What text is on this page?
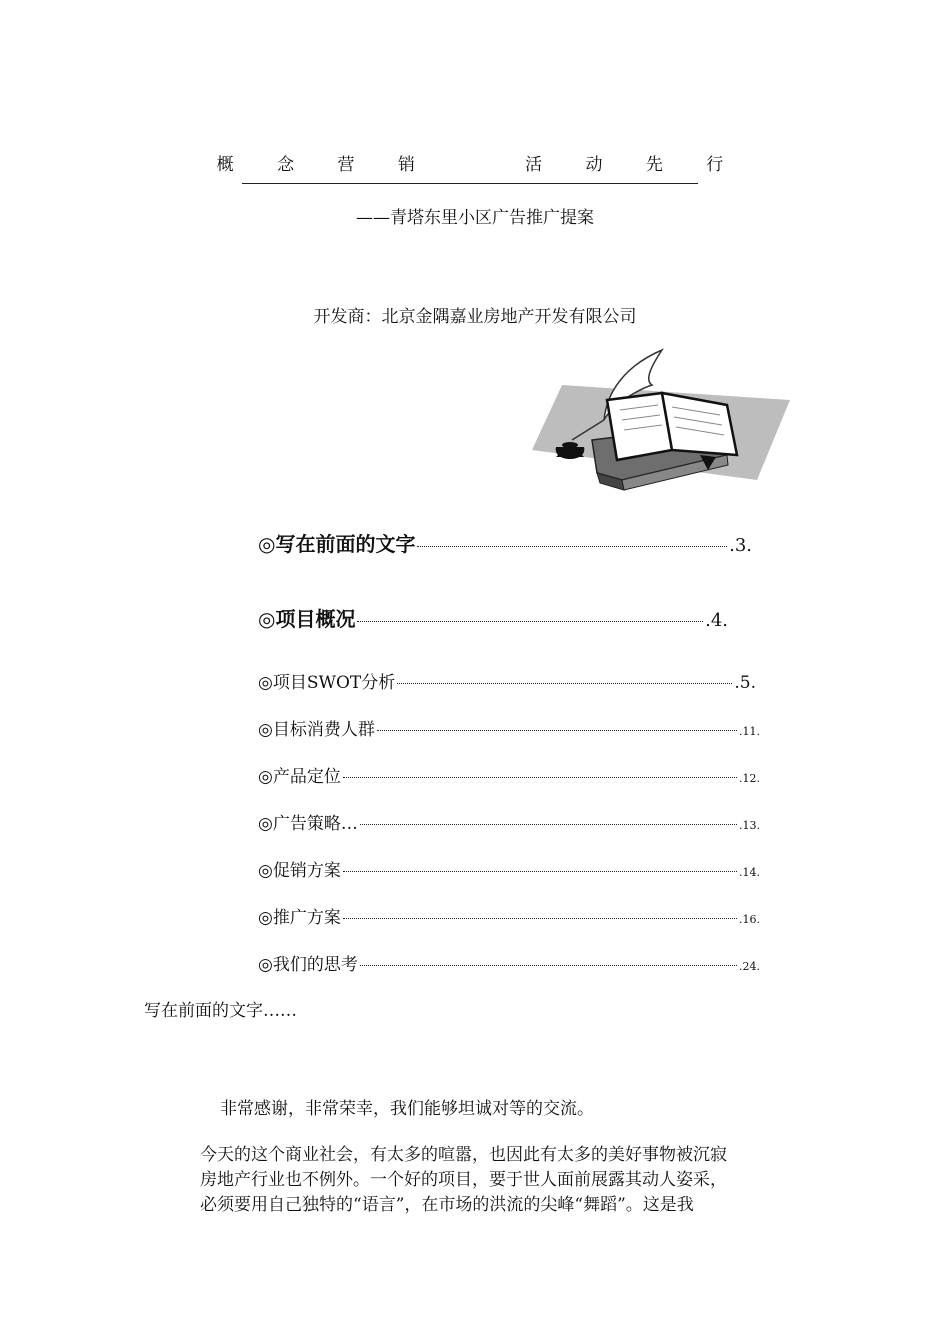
概 念 营 销   活 动 先 行
——青塔东里小区广告推广提案
开发商：北京金隅嘉业房地产开发有限公司
◎写在前面的文字	.3.
◎项目概况	.4.
◎项目SWOT分析	.5.
◎目标消费人群	.11.
◎产品定位	.12.
◎广告策略…	.13.
◎促销方案	.14.
◎推广方案	.16.
◎我们的思考	.24.
写在前面的文字……
非常感谢，非常荣幸，我们能够坦诚对等的交流。
今天的这个商业社会，有太多的喧嚣，也因此有太多的美好事物被沉寂
房地产行业也不例外。一个好的项目，要于世人面前展露其动人姿采，
必须要用自己独特的“语言”，在市场的洪流的尖峰“舞蹈”。这是我
